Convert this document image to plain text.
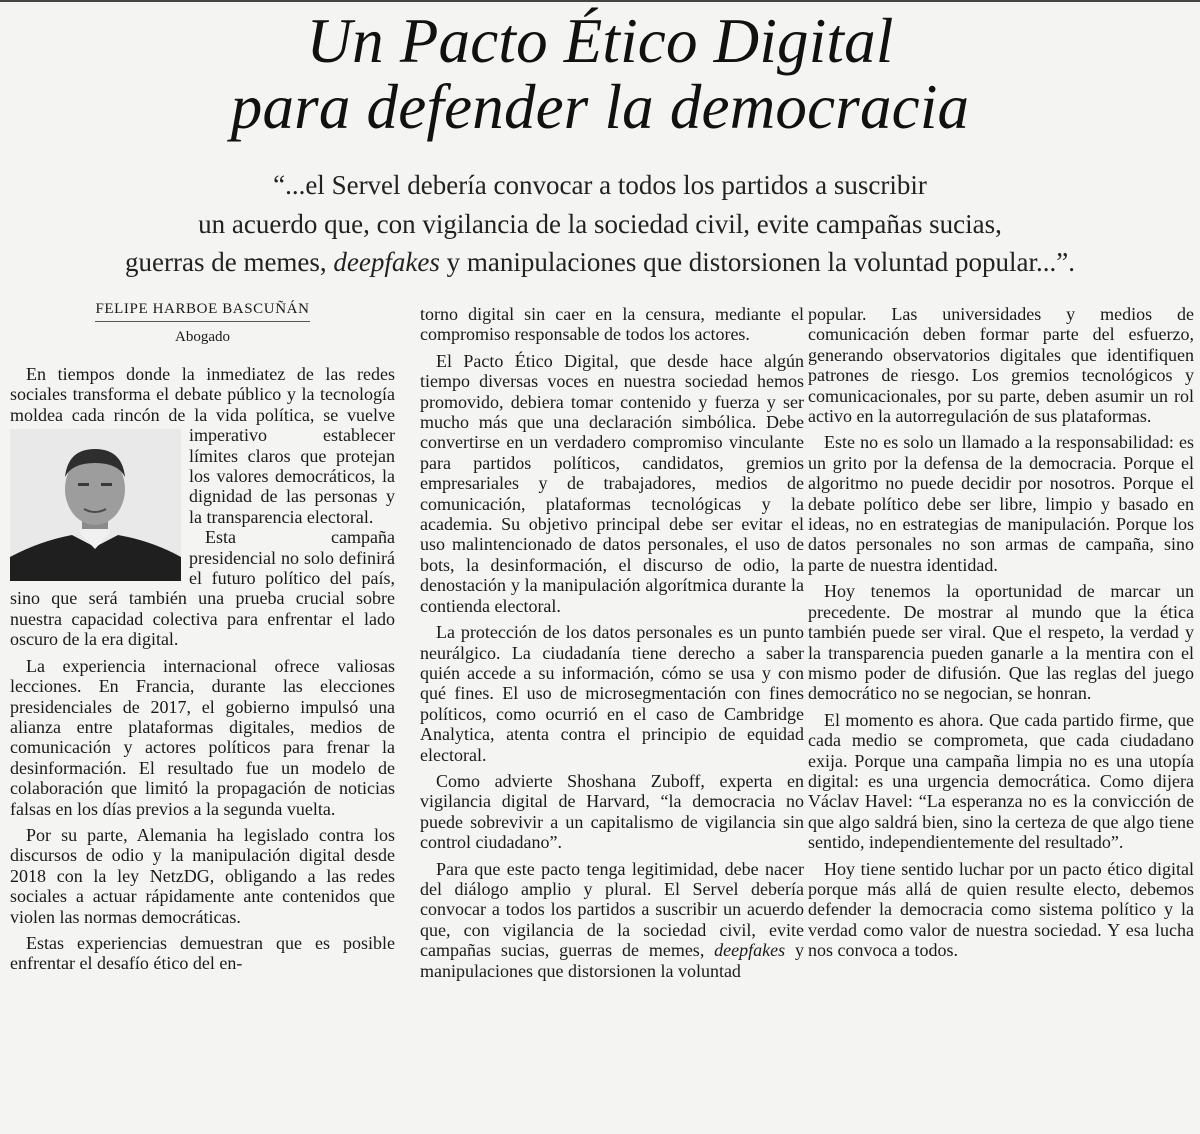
Un Pacto Ético Digital
para defender la democracia
“...el Servel debería convocar a todos los partidos a suscribir
un acuerdo que, con vigilancia de la sociedad civil, evite campañas sucias,
guerras de memes, deepfakes y manipulaciones que distorsionen la voluntad popular...”.
FELIPE HARBOE BASCUÑÁN
Abogado

En tiempos donde la inmediatez de las redes sociales transforma el debate público y la tecnología moldea cada rincón de la vida política,
se vuelve imperativo establecer límites claros que protejan los valores democráticos, la dignidad de las personas y la transparencia electoral.

Esta campaña presidencial no solo definirá el futuro político del país, sino que será también una prueba crucial sobre nuestra capacidad colectiva para enfrentar el lado oscuro de la era digital.

La experiencia internacional ofrece valiosas lecciones. En Francia, durante las elecciones presidenciales de 2017, el gobierno impulsó una alianza entre plataformas digitales, medios de comunicación y actores políticos para frenar la desinformación. El resultado fue un modelo de colaboración que limitó la propagación de noticias falsas en los días previos a la segunda vuelta.

Por su parte, Alemania ha legislado contra los discursos de odio y la manipulación digital desde 2018 con la ley NetzDG, obligando a las redes sociales a actuar rápidamente ante contenidos que violen las normas democráticas.

Estas experiencias demuestran que es posible enfrentar el desafío ético del en-

torno digital sin caer en la censura, mediante el compromiso responsable de todos los actores.

El Pacto Ético Digital, que desde hace algún tiempo diversas voces en nuestra sociedad hemos promovido, debiera tomar contenido y fuerza y ser mucho más que una declaración simbólica. Debe convertirse en un verdadero compromiso vinculante para partidos políticos, candidatos, gremios empresariales y de trabajadores, medios de comunicación, plataformas tecnológicas y la academia. Su objetivo principal debe ser evitar el uso malintencionado de datos personales, el uso de bots, la desinformación, el discurso de odio, la denostación y la manipulación algorítmica durante la contienda electoral.

La protección de los datos personales es un punto neurálgico. La ciudadanía tiene derecho a saber quién accede a su información, cómo se usa y con qué fines. El uso de microsegmentación con fines políticos, como ocurrió en el caso de Cambridge Analytica, atenta contra el principio de equidad electoral.

Como advierte Shoshana Zuboff, experta en vigilancia digital de Harvard, “la democracia no puede sobrevivir a un capitalismo de vigilancia sin control ciudadano”.

Para que este pacto tenga legitimidad, debe nacer del diálogo amplio y plural. El Servel debería convocar a todos los partidos a suscribir un acuerdo que, con vigilancia de la sociedad civil, evite campañas sucias, guerras de memes, deepfakes y manipulaciones que distorsionen la voluntad

popular. Las universidades y medios de comunicación deben formar parte del esfuerzo, generando observatorios digitales que identifiquen patrones de riesgo. Los gremios tecnológicos y comunicacionales, por su parte, deben asumir un rol activo en la autorregulación de sus plataformas.

Este no es solo un llamado a la responsabilidad: es un grito por la defensa de la democracia. Porque el algoritmo no puede decidir por nosotros. Porque el debate político debe ser libre, limpio y basado en ideas, no en estrategias de manipulación. Porque los datos personales no son armas de campaña, sino parte de nuestra identidad.

Hoy tenemos la oportunidad de marcar un precedente. De mostrar al mundo que la ética también puede ser viral. Que el respeto, la verdad y la transparencia pueden ganarle a la mentira con el mismo poder de difusión. Que las reglas del juego democrático no se negocian, se honran.

El momento es ahora. Que cada partido firme, que cada medio se comprometa, que cada ciudadano exija. Porque una campaña limpia no es una utopía digital: es una urgencia democrática. Como dijera Václav Havel: “La esperanza no es la convicción de que algo saldrá bien, sino la certeza de que algo tiene sentido, independientemente del resultado”.

Hoy tiene sentido luchar por un pacto ético digital porque más allá de quien resulte electo, debemos defender la democracia como sistema político y la verdad como valor de nuestra sociedad. Y esa lucha nos convoca a todos.
